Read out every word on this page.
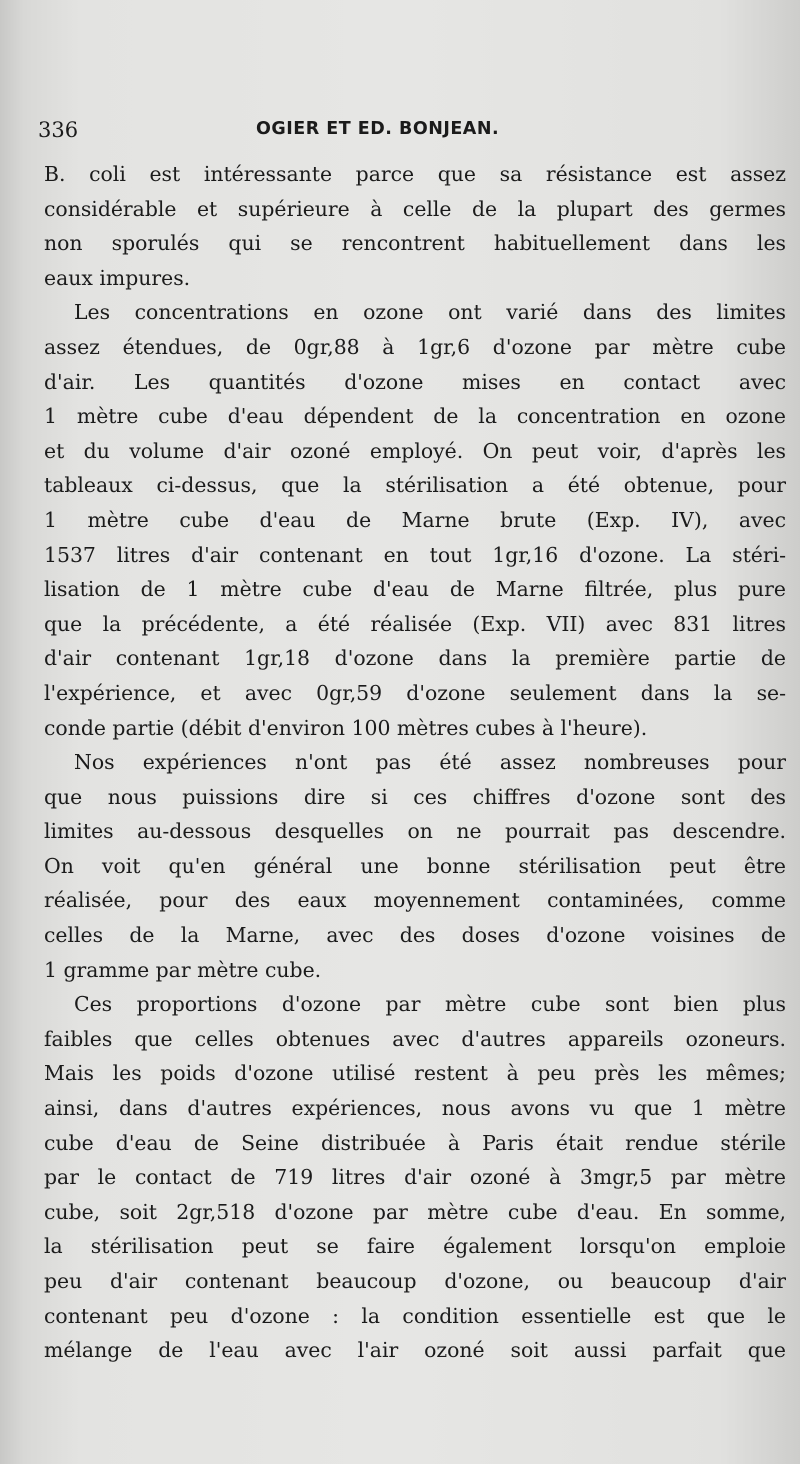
336	OGIER ET ED. BONJEAN.
B. coli est intéressante parce que sa résistance est assez
considérable et supérieure à celle de la plupart des germes
non sporulés qui se rencontrent habituellement dans les
eaux impures.
Les concentrations en ozone ont varié dans des limites
assez étendues, de 0gr,88 à 1gr,6 d'ozone par mètre cube
d'air. Les quantités d'ozone mises en contact avec
1 mètre cube d'eau dépendent de la concentration en ozone
et du volume d'air ozoné employé. On peut voir, d'après les
tableaux ci-dessus, que la stérilisation a été obtenue, pour
1 mètre cube d'eau de Marne brute (Exp. IV), avec
1537 litres d'air contenant en tout 1gr,16 d'ozone. La stéri-
lisation de 1 mètre cube d'eau de Marne filtrée, plus pure
que la précédente, a été réalisée (Exp. VII) avec 831 litres
d'air contenant 1gr,18 d'ozone dans la première partie de
l'expérience, et avec 0gr,59 d'ozone seulement dans la se-
conde partie (débit d'environ 100 mètres cubes à l'heure).
Nos expériences n'ont pas été assez nombreuses pour
que nous puissions dire si ces chiffres d'ozone sont des
limites au-dessous desquelles on ne pourrait pas descendre.
On voit qu'en général une bonne stérilisation peut être
réalisée, pour des eaux moyennement contaminées, comme
celles de la Marne, avec des doses d'ozone voisines de
1 gramme par mètre cube.
Ces proportions d'ozone par mètre cube sont bien plus
faibles que celles obtenues avec d'autres appareils ozoneurs.
Mais les poids d'ozone utilisé restent à peu près les mêmes;
ainsi, dans d'autres expériences, nous avons vu que 1 mètre
cube d'eau de Seine distribuée à Paris était rendue stérile
par le contact de 719 litres d'air ozoné à 3mgr,5 par mètre
cube, soit 2gr,518 d'ozone par mètre cube d'eau. En somme,
la stérilisation peut se faire également lorsqu'on emploie
peu d'air contenant beaucoup d'ozone, ou beaucoup d'air
contenant peu d'ozone : la condition essentielle est que le
mélange de l'eau avec l'air ozoné soit aussi parfait que
